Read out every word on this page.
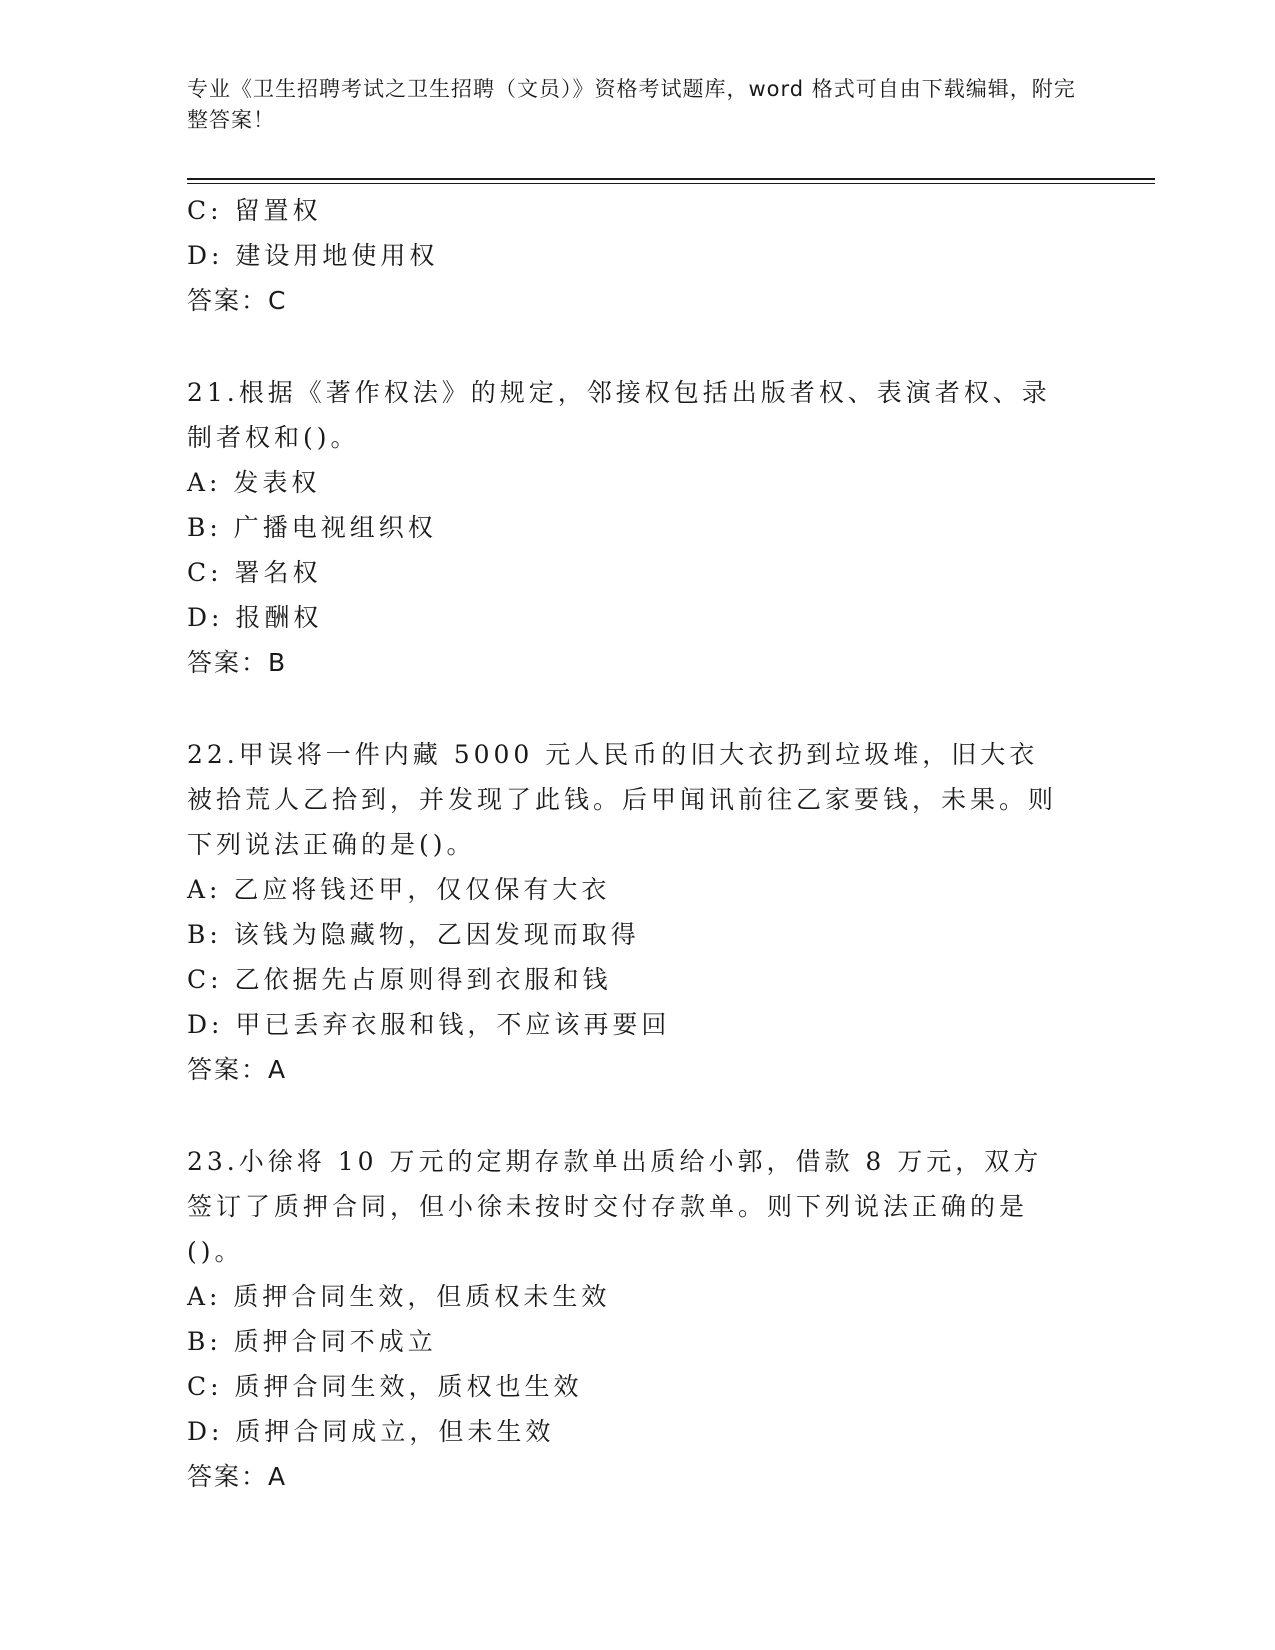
专业《卫生招聘考试之卫生招聘（文员）》资格考试题库，word 格式可自由下载编辑，附完整答案！
C: 留置权
D: 建设用地使用权
答案：C
21.根据《著作权法》的规定，邻接权包括出版者权、表演者权、录制者权和()。
A: 发表权
B: 广播电视组织权
C: 署名权
D: 报酬权
答案：B
22.甲误将一件内藏 5000 元人民币的旧大衣扔到垃圾堆，旧大衣被拾荒人乙拾到，并发现了此钱。后甲闻讯前往乙家要钱，未果。则下列说法正确的是()。
A: 乙应将钱还甲，仅仅保有大衣
B: 该钱为隐藏物，乙因发现而取得
C: 乙依据先占原则得到衣服和钱
D: 甲已丢弃衣服和钱，不应该再要回
答案：A
23.小徐将 10 万元的定期存款单出质给小郭，借款 8 万元，双方签订了质押合同，但小徐未按时交付存款单。则下列说法正确的是()。
A: 质押合同生效，但质权未生效
B: 质押合同不成立
C: 质押合同生效，质权也生效
D: 质押合同成立，但未生效
答案：A
